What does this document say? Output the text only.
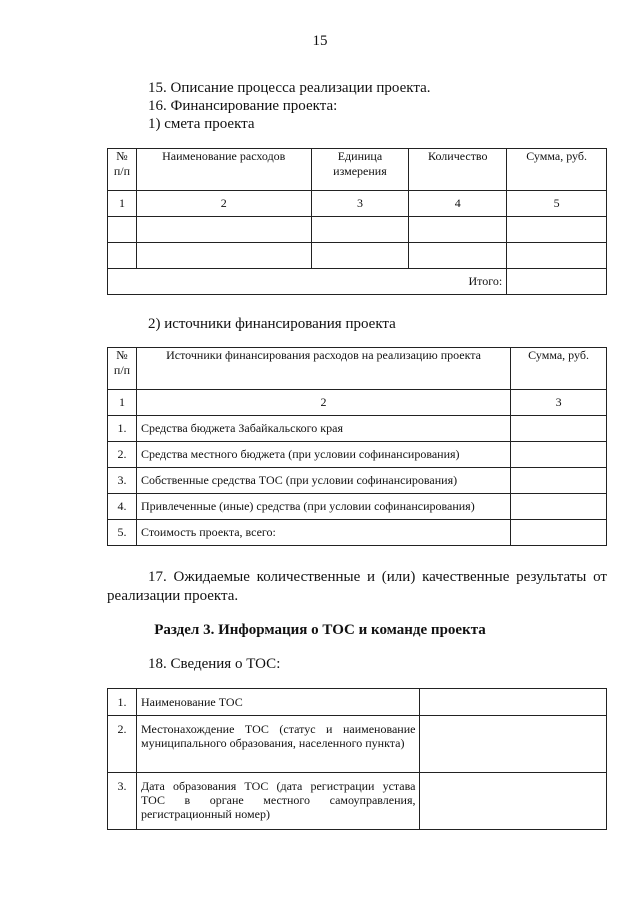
15
15. Описание процесса реализации проекта.
16. Финансирование проекта:
1) смета проекта
№ п/п	Наименование расходов	Единица измерения	Количество	Сумма, руб.
1	2	3	4	5

Итого:				
2) источники финансирования проекта
№ п/п	Источники финансирования расходов на реализацию проекта	Сумма, руб.
1	2	3
1.	Средства бюджета Забайкальского края	
2.	Средства местного бюджета (при условии софинансирования)	
3.	Собственные средства ТОС (при условии софинансирования)	
4.	Привлеченные (иные) средства (при условии софинансирования)	
5.	Стоимость проекта, всего:	
17. Ожидаемые количественные и (или) качественные результаты от реализации проекта.
Раздел 3. Информация о ТОС и команде проекта
18. Сведения о ТОС:
1.	Наименование ТОС	
2.	Местонахождение ТОС (статус и наименование муниципального образования, населенного пункта)	
3.	Дата образования ТОС (дата регистрации устава ТОС в органе местного самоуправления, регистрационный номер)	
